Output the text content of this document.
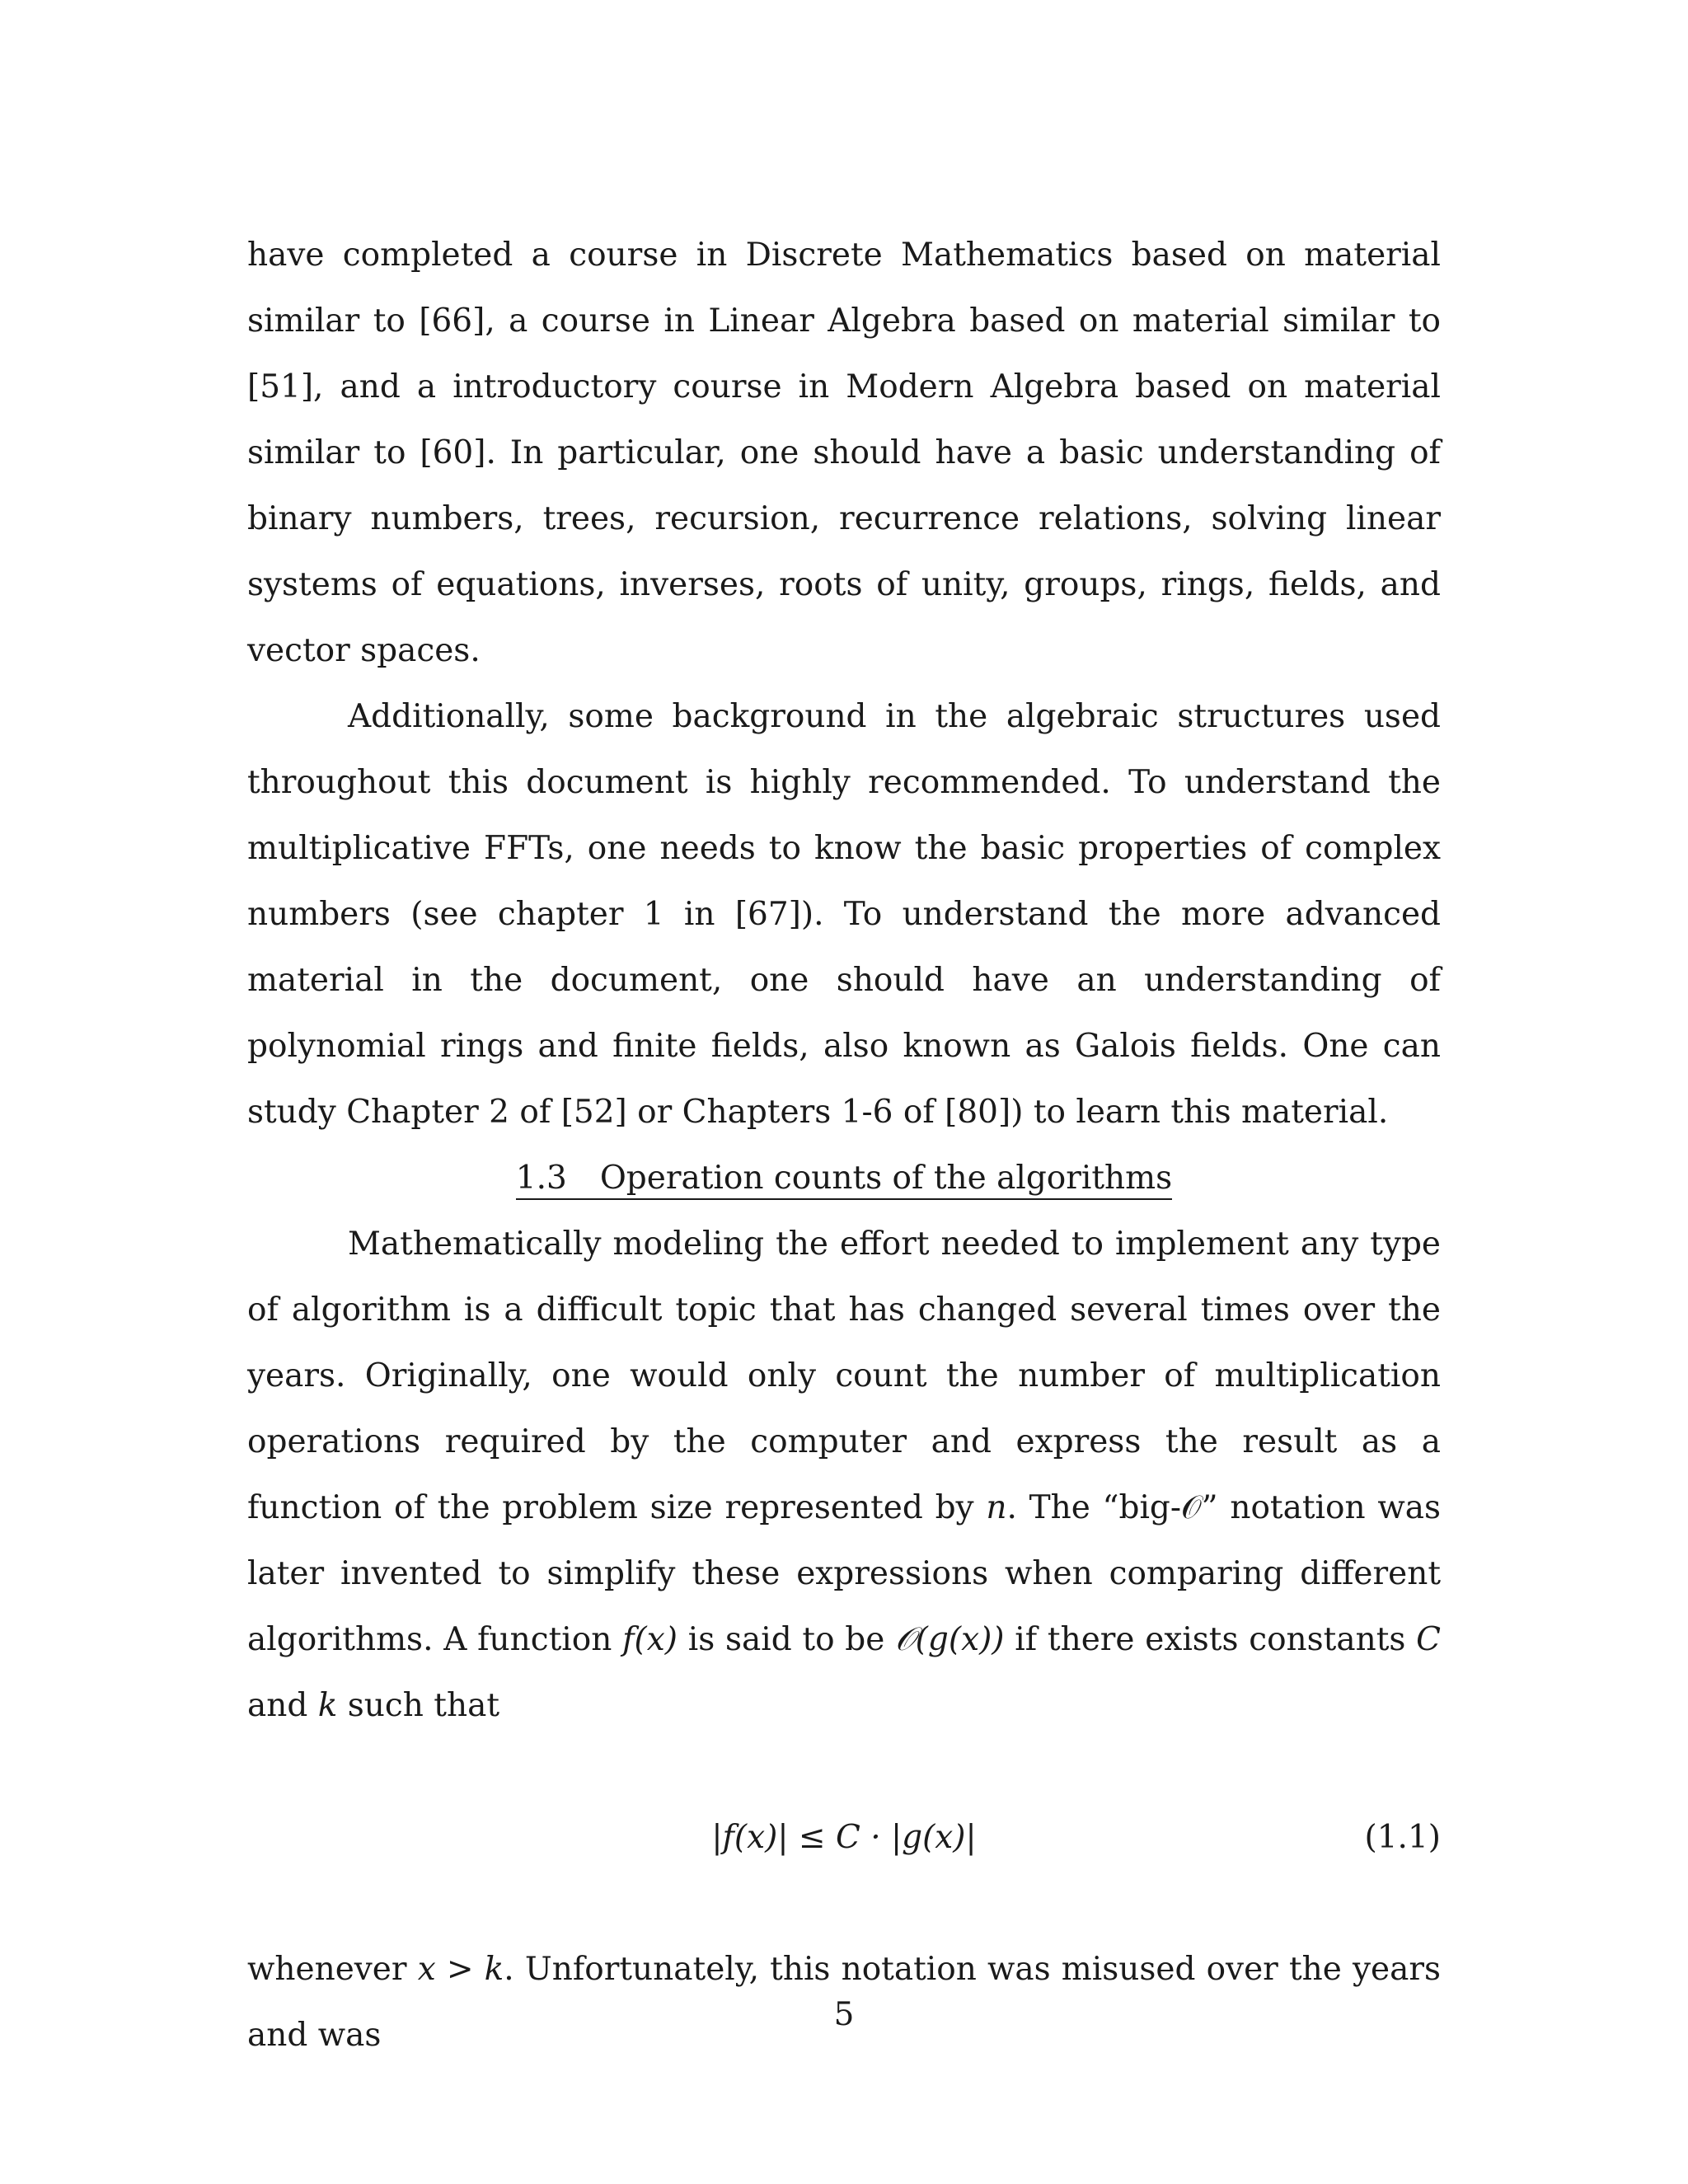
have completed a course in Discrete Mathematics based on material similar to [66], a course in Linear Algebra based on material similar to [51], and a introductory course in Modern Algebra based on material similar to [60]. In particular, one should have a basic understanding of binary numbers, trees, recursion, recurrence relations, solving linear systems of equations, inverses, roots of unity, groups, rings, fields, and vector spaces.

Additionally, some background in the algebraic structures used throughout this document is highly recommended. To understand the multiplicative FFTs, one needs to know the basic properties of complex numbers (see chapter 1 in [67]). To understand the more advanced material in the document, one should have an understanding of polynomial rings and finite fields, also known as Galois fields. One can study Chapter 2 of [52] or Chapters 1-6 of [80]) to learn this material.

1.3 Operation counts of the algorithms

Mathematically modeling the effort needed to implement any type of algorithm is a difficult topic that has changed several times over the years. Originally, one would only count the number of multiplication operations required by the computer and express the result as a function of the problem size represented by n. The “big-𝒪” notation was later invented to simplify these expressions when comparing different algorithms. A function f(x) is said to be 𝒪(g(x)) if there exists constants C and k such that

|f(x)| ≤ C · |g(x)|	(1.1)

whenever x > k. Unfortunately, this notation was misused over the years and was

5
